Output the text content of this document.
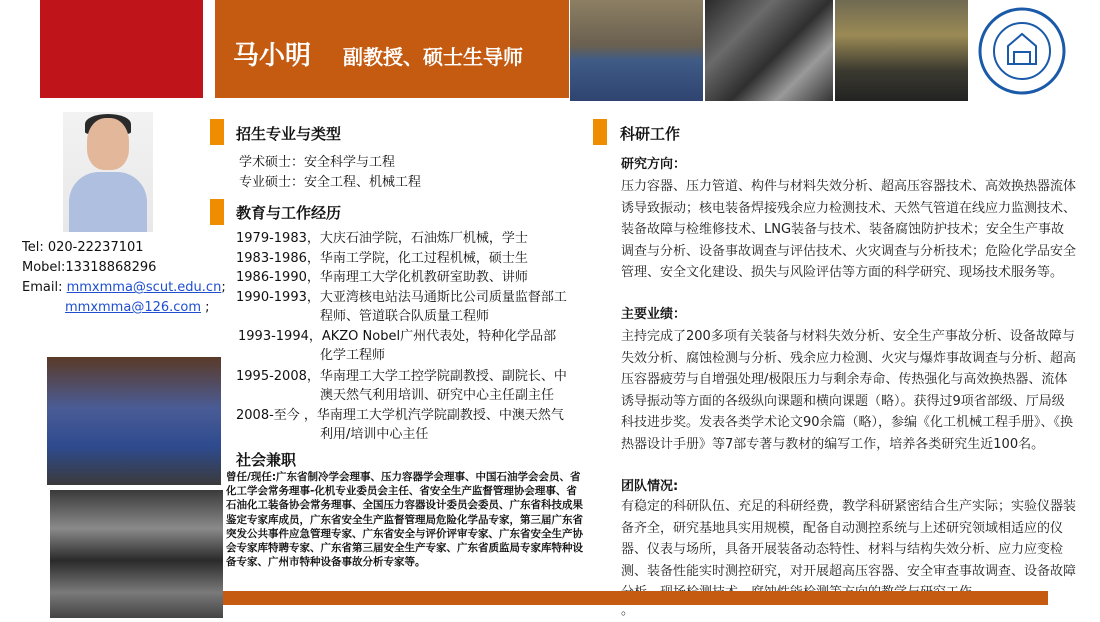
马小明 副教授、硕士生导师
Tel: 020-22237101
Mobel:13318868296
Email: mmxmma@scut.edu.cn;
mmxmma@126.com ;
招生专业与类型
学术硕士：安全科学与工程
专业硕士：安全工程、机械工程
教育与工作经历
1979-1983，大庆石油学院，石油炼厂机械，学士
1983-1986，华南工学院，化工过程机械，硕士生
1986-1990，华南理工大学化机教研室助教、讲师
1990-1993，大亚湾核电站法马通斯比公司质量监督部工
程师、管道联合队质量工程师
1993-1994，AKZO Nobel广州代表处，特种化学品部
化学工程师
1995-2008，华南理工大学工控学院副教授、副院长、中
澳天然气利用培训、研究中心主任副主任
2008-至今 ，华南理工大学机汽学院副教授、中澳天然气
利用/培训中心主任
社会兼职
曾任/现任:广东省制冷学会理事、压力容器学会理事、中国石油学会会员、省化工学会常务理事-化机专业委员会主任、省安全生产监督管理协会理事、省石油化工装备协会常务理事、全国压力容器设计委员会委员、广东省科技成果鉴定专家库成员，广东省安全生产监督管理局危险化学品专家，第三届广东省突发公共事件应急管理专家、广东省安全与评价评审专家、广东省安全生产协会专家库特聘专家、广东省第三届安全生产专家、广东省质监局专家库特种设备专家、广州市特种设备事故分析专家等。
科研工作
研究方向：
压力容器、压力管道、构件与材料失效分析、超高压容器技术、高效换热器流体诱导致振动；核电装备焊接残余应力检测技术、天然气管道在线应力监测技术、装备故障与检维修技术、LNG装备与技术、装备腐蚀防护技术；安全生产事故调查与分析、设备事故调查与评估技术、火灾调查与分析技术；危险化学品安全管理、安全文化建设、损失与风险评估等方面的科学研究、现场技术服务等。
主要业绩：
主持完成了200多项有关装备与材料失效分析、安全生产事故分析、设备故障与失效分析、腐蚀检测与分析、残余应力检测、火灾与爆炸事故调查与分析、超高压容器疲劳与自增强处理/极限压力与剩余寿命、传热强化与高效换热器、流体诱导振动等方面的各级纵向课题和横向课题（略）。获得过9项省部级、厅局级科技进步奖。发表各类学术论文90余篇（略），参编《化工机械工程手册》、《换热器设计手册》等7部专著与教材的编写工作，培养各类研究生近100名。
团队情况:
有稳定的科研队伍、充足的科研经费，教学科研紧密结合生产实际；实验仪器装备齐全，研究基地具实用规模，配备自动测控系统与上述研究领域相适应的仪器、仪表与场所，具备开展装备动态特性、材料与结构失效分析、应力应变检测、装备性能实时测控研究，对开展超高压容器、安全审查事故调查、设备故障
。
